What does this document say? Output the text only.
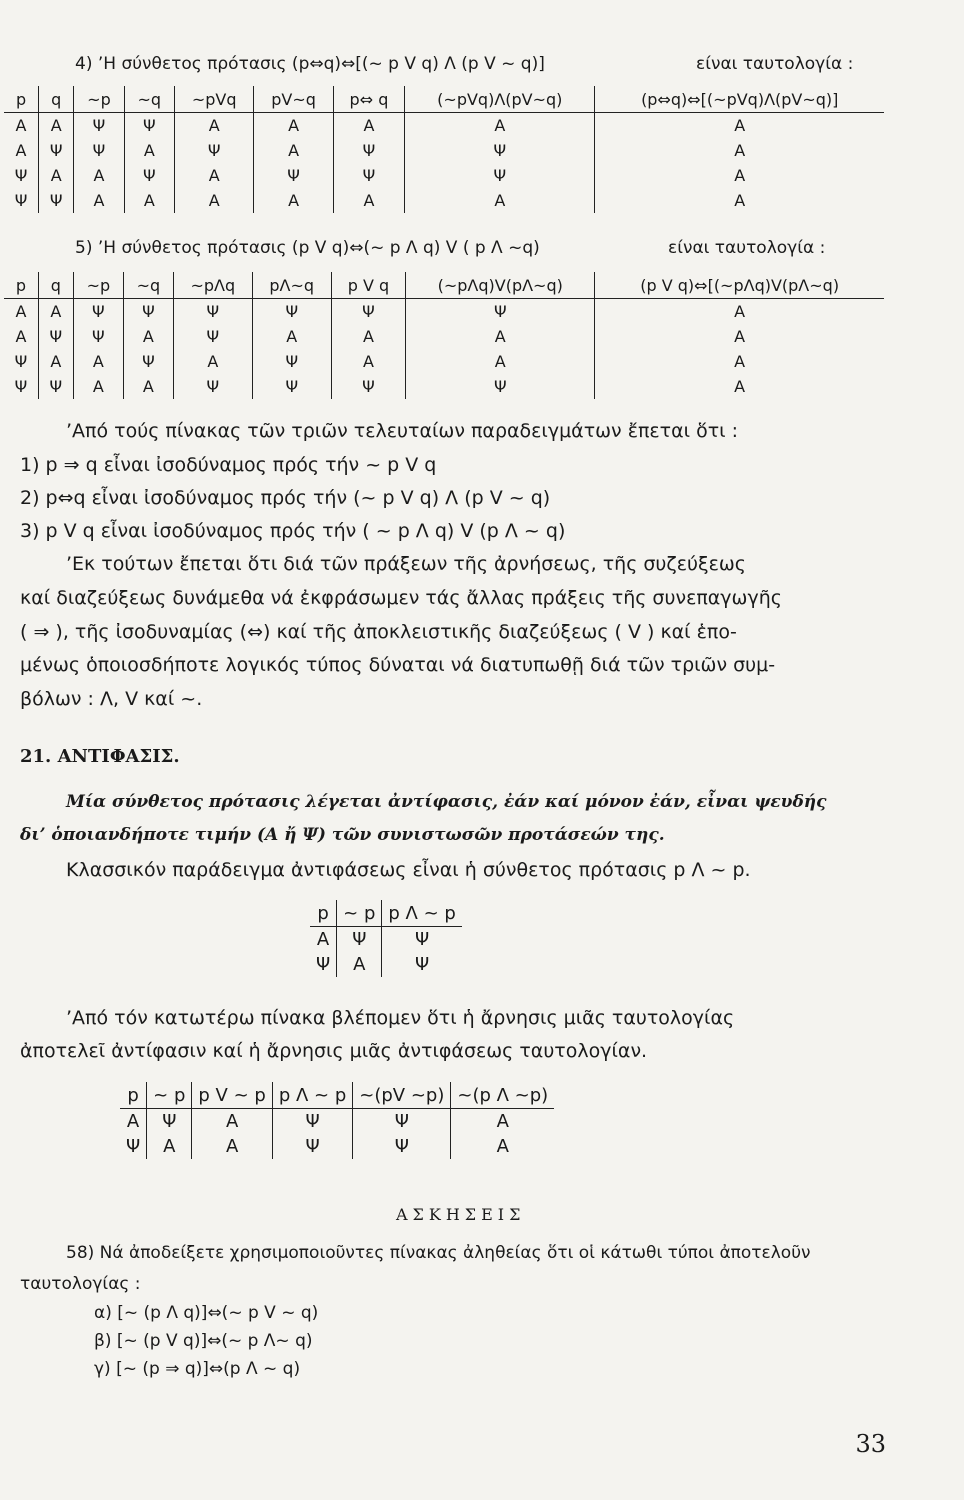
4) ’Η σύνθετος πρότασις (p⇔q)⇔[(~ p V q) Λ (p V ~ q)]	είναι ταυτολογία :
p	q	~p	~q	~pVq	pV~q	p⇔ q	(~pVq)Λ(pV~q)	(p⇔q)⇔[(~pVq)Λ(pV~q)]
Α	Α	Ψ	Ψ	Α	Α	Α	Α	Α
Α	Ψ	Ψ	Α	Ψ	Α	Ψ	Ψ	Α
Ψ	Α	Α	Ψ	Α	Ψ	Ψ	Ψ	Α
Ψ	Ψ	Α	Α	Α	Α	Α	Α	Α
5) ’Η σύνθετος πρότασις (p V q)⇔(~ p Λ q) V ( p Λ ~q)	είναι ταυτολογία :
p	q	~p	~q	~pΛq	pΛ~q	p V q	(~pΛq)V(pΛ~q)	(p V q)⇔[(~pΛq)V(pΛ~q)
Α	Α	Ψ	Ψ	Ψ	Ψ	Ψ	Ψ	Α
Α	Ψ	Ψ	Α	Ψ	Α	Α	Α	Α
Ψ	Α	Α	Ψ	Α	Ψ	Α	Α	Α
Ψ	Ψ	Α	Α	Ψ	Ψ	Ψ	Ψ	Α
’Από τούς πίνακας τῶν τριῶν τελευταίων παραδειγμάτων ἔπεται ὅτι :
1) p ⇒ q εἶναι ἰσοδύναμος πρός τήν ~ p V q
2) p⇔q εἶναι ἰσοδύναμος πρός τήν (~ p V q) Λ (p V ~ q)
3) p V q εἶναι ἰσοδύναμος πρός τήν ( ~ p Λ q) V (p Λ ~ q)
’Εκ τούτων ἔπεται ὅτι διά τῶν πράξεων τῆς ἀρνήσεως, τῆς συζεύξεως
καί διαζεύξεως δυνάμεθα νά ἐκφράσωμεν τάς ἄλλας πράξεις τῆς συνεπαγωγῆς
( ⇒ ), τῆς ἰσοδυναμίας (⇔) καί τῆς ἀποκλειστικῆς διαζεύξεως ( V ) καί ἑπο-
μένως ὁποιοσδήποτε λογικός τύπος δύναται νά διατυπωθῇ διά τῶν τριῶν συμ-
βόλων : Λ, V καί ~.
21. ΑΝΤΙΦΑΣΙΣ.
Μία σύνθετος πρότασις λέγεται ἀντίφασις, ἐάν καί μόνον ἐάν, εἶναι ψευδής
δι’ ὁποιανδήποτε τιμήν (Α ἤ Ψ) τῶν συνιστωσῶν προτάσεών της.
Κλασσικόν παράδειγμα ἀντιφάσεως εἶναι ἡ σύνθετος πρότασις p Λ ~ p.
p	~ p	p Λ ~ p
Α	Ψ	Ψ
Ψ	Α	Ψ
’Από τόν κατωτέρω πίνακα βλέπομεν ὅτι ἡ ἄρνησις μιᾶς ταυτολογίας
ἀποτελεῖ ἀντίφασιν καί ἡ ἄρνησις μιᾶς ἀντιφάσεως ταυτολογίαν.
p	~ p	p V ~ p	p Λ ~ p	~(pV ~p)	~(p Λ ~p)
Α	Ψ	Α	Ψ	Ψ	Α
Ψ	Α	Α	Ψ	Ψ	Α
ΑΣΚΗΣΕΙΣ
58) Νά ἀποδείξετε χρησιμοποιοῦντες πίνακας ἀληθείας ὅτι οἱ κάτωθι τύποι ἀποτελοῦν
ταυτολογίας :
α) [~ (p Λ q)]⇔(~ p V ~ q)
β) [~ (p V q)]⇔(~ p Λ~ q)
γ) [~ (p ⇒ q)]⇔(p Λ ~ q)
33
